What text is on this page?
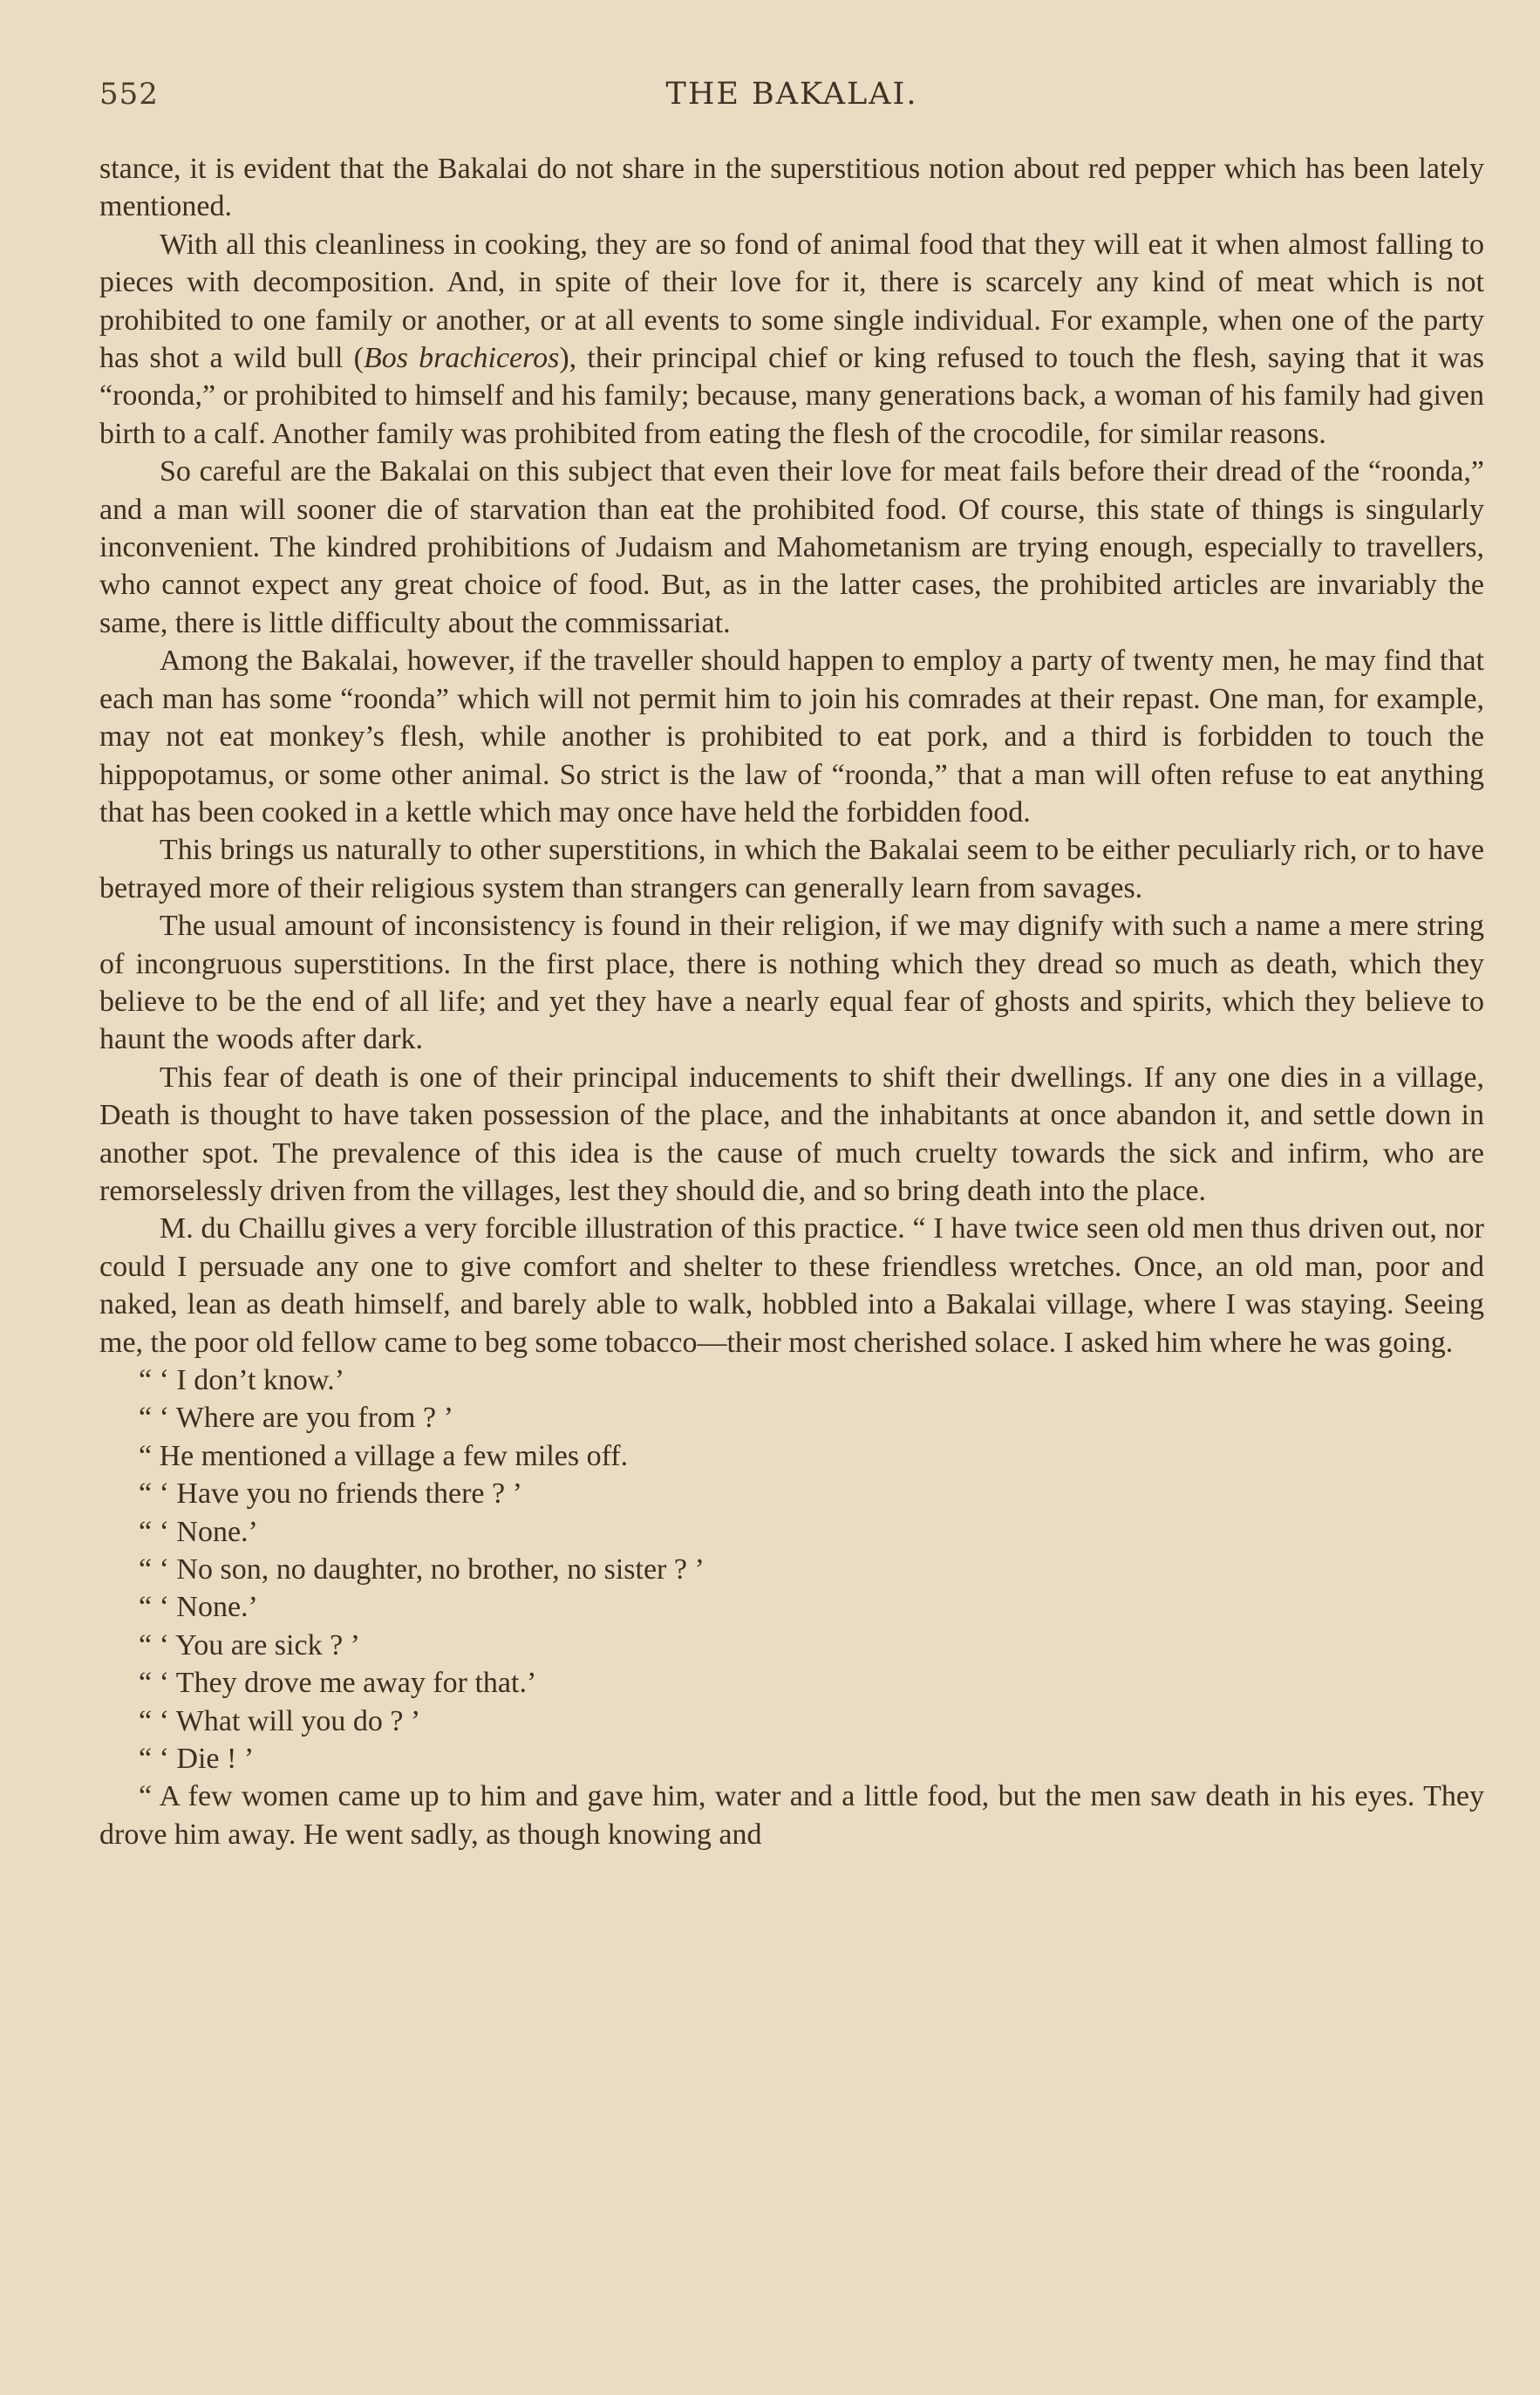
552	THE BAKALAI.

stance, it is evident that the Bakalai do not share in the superstitious notion about red pepper which has been lately mentioned.

With all this cleanliness in cooking, they are so fond of animal food that they will eat it when almost falling to pieces with decomposition. And, in spite of their love for it, there is scarcely any kind of meat which is not prohibited to one family or another, or at all events to some single individual. For example, when one of the party has shot a wild bull (Bos brachiceros), their principal chief or king refused to touch the flesh, saying that it was “roonda,” or prohibited to himself and his family; because, many generations back, a woman of his family had given birth to a calf. Another family was prohibited from eating the flesh of the crocodile, for similar reasons.

So careful are the Bakalai on this subject that even their love for meat fails before their dread of the “roonda,” and a man will sooner die of starvation than eat the prohibited food. Of course, this state of things is singularly inconvenient. The kindred prohibitions of Judaism and Mahometanism are trying enough, especially to travellers, who cannot expect any great choice of food. But, as in the latter cases, the prohibited articles are invariably the same, there is little difficulty about the commissariat.

Among the Bakalai, however, if the traveller should happen to employ a party of twenty men, he may find that each man has some “roonda” which will not permit him to join his comrades at their repast. One man, for example, may not eat monkey’s flesh, while another is prohibited to eat pork, and a third is forbidden to touch the hippopotamus, or some other animal. So strict is the law of “roonda,” that a man will often refuse to eat anything that has been cooked in a kettle which may once have held the forbidden food.

This brings us naturally to other superstitions, in which the Bakalai seem to be either peculiarly rich, or to have betrayed more of their religious system than strangers can generally learn from savages.

The usual amount of inconsistency is found in their religion, if we may dignify with such a name a mere string of incongruous superstitions. In the first place, there is nothing which they dread so much as death, which they believe to be the end of all life; and yet they have a nearly equal fear of ghosts and spirits, which they believe to haunt the woods after dark.

This fear of death is one of their principal inducements to shift their dwellings. If any one dies in a village, Death is thought to have taken possession of the place, and the inhabitants at once abandon it, and settle down in another spot. The prevalence of this idea is the cause of much cruelty towards the sick and infirm, who are remorselessly driven from the villages, lest they should die, and so bring death into the place.

M. du Chaillu gives a very forcible illustration of this practice. “ I have twice seen old men thus driven out, nor could I persuade any one to give comfort and shelter to these friendless wretches. Once, an old man, poor and naked, lean as death himself, and barely able to walk, hobbled into a Bakalai village, where I was staying. Seeing me, the poor old fellow came to beg some tobacco—their most cherished solace. I asked him where he was going.

“ ‘ I don’t know.’

“ ‘ Where are you from ? ’

“ He mentioned a village a few miles off.

“ ‘ Have you no friends there ? ’

“ ‘ None.’

“ ‘ No son, no daughter, no brother, no sister ? ’

“ ‘ None.’

“ ‘ You are sick ? ’

“ ‘ They drove me away for that.’

“ ‘ What will you do ? ’

“ ‘ Die ! ’

“ A few women came up to him and gave him, water and a little food, but the men saw death in his eyes. They drove him away. He went sadly, as though knowing and
